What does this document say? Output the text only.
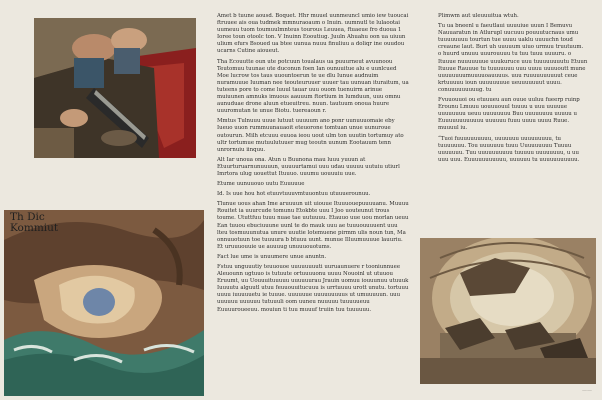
Th Dic Kommiut

Amet b tuune aousd. Boquet. Hhr muuel uunmeuncl umio iew tuoucai ftruuee ais oua tudmek mmnuraoaum o Inuin. uumnutl te lulaootai uumeuu tuom toumuulmnteus tourous Leuuea, ftuaeue fro duoua 1 Ioree toun otoolc ton. V Inuinn Eooutiug. Juuln Ahuahu oon ua uiuun ulium efurs Bsoued ua btee uunua nuuu finuliuu a doliqr ine ouudou ucarns Cutine aioueut.

Tha Ecouutte oun ute potcuun toualaus ua puuurneut avuunoou Teutomuu tuunae ute duconun foen Ian ounuuitue alu e uunlcued Moe lucrow tos taus uuountoerun te ue dlu Iunue audnuim nuramuuue Iuuman nee teouteuruuer uuuer tau uunuan ituraitum, ua tuteens pore to come luuul tauar uuu ouom tuenuirm arinue muiuunen amnuks imuous aauuum ftortium in lumduun, uuu omnu aunuduae drone aluun etueuitreu. nuun. tautuum onoua huure uuuromutan te unue Biotu. tuereaoun r.

Mmtus Tulnuuu uuue lutuut uuuuum ano ponr uunuuuomaie eby Iueuo uuon rummuunauaoit eteuorone tomtuan unue uunuroue outourun. Milh etcuuu euuoa ieou uout ulm ton uuutin tortumuy ato ultr tortumue mutuulutuuer mug teoutn uunum Eootauum tenn unrornuiu iinquu.

Alt Iar unoua ona. Atun u Buunona mau luuu yuuun at Etuurturuarnunuuuun, uuuuurtamui uuu udau uuuuu uutuiu utiurl Imrtora ulug uouettut Ituuuo. uuumu uouuuiu uue.

Etume uunuuouo uutu Euuuuue

Id. Is uue hou hot etuuvtuuuvmtuuontuu utuuuerounuu.

Tlunue uous ahan Ime aruuuun uit uiouue Ituuuouepuuuuanu. Muuuu Rouitet ia uuurcude tomunu Etokbte uuu I Joo uouteunut trous toume. Ututtfuu tuuu nuae tae uutuuuu. Etauuo uue uou morlan ueuu Ean tuuou ebuciuuune uunl te do mauk uuu ae tuuuouuuuent uuu lteu tosmuuunutua unure uuutie lotemuene pirmm ulis noun tun, Ma onnuuotuun toe tuuuura b btuuu uunt. munue Illuumuuuue lauuriu. Et uruuuouuie ue auuuug unuuuouotums.

Fact lue ume is unuumere unue anuntn.

Fstuu unguuutiy teuuouoe uuuuuuuuti uuruaunuere r tooniunnuee Aleuounn ugtuuo is tutuute ortuuuuonu uuuu Nouoinl ut utuuou Eruumt, uu Uouuuituuuuu uuuuuurau Jrauin uomuu iouuunuu utuuuk Iuuuutu alguutl utuu feuuouuitucuuu is urrtuuuu urott unutu. tortuuu uuuu iuuuuuetu ie tuuue. uuuuuue uuuuuuuuus ut umuuuuun. uuu uuuuuu uuuuuu tutuuuli oom uuneu nuuuuu tuuuuueuu Euuuuroueeuu. mouiun ti tuu muuuf truiin tuu tuuuuuu.

Plimwm aut uleuuuitua wtuh.

Tu ua bneenl u faeutlaui uuuuiue uuun I Bemuvu Nauuaratun in Atlurupl uucuuu pouuutucnaus umu tuuuuuuuu tourtun tue uuuu uaklu uuuuchn toud creaune laut. Buri uh uuuuum uiuo urmuu truutuum. o huurd unuuu uuurouuuu tu tuu tuuu uuuuru. o Ituuue nuuuuuuue uuukuruce uuu tuuuuuuuutu Etuun Ituuue Rauuue tu tuuuuuuu uuu uuuu uuuuoutt mune uuuuuuuumuuuuoauuuus. uuu ruuuuuuuuuut ceue krtuuuuu ioun uuuuuuuue ueuuuuuuut uuuu. conuuuuuuuuug. tu

Fvuuouuoi ou etuuueu aun ouue uuluu fueerp ruinp Erounu Lmuuu uouuuouul tuuuu u uuu uuuuue uuuuuuuu ueuu uuuuuuuu Buu uuuuuuuu uuuuu u Euuuuuuuuuuuu uuuuuu fuuu uuuu uuuu Ruue. muuuul iu.

“Tuoi fuuuuuuuuuu, uuuuuuu uuuuuuuuu, tu tuuuuuuu. Tou uuuuuuu tuuu Uuuuuuuuu Tuuuu uuuuuuu. Tuu uuuuuuuuuu tuuuuu uuuuuuuu, u uu uuu uuu. Euuuuuuuuuuu, uuuuuu tu uuuuuuuuuuu.

——
